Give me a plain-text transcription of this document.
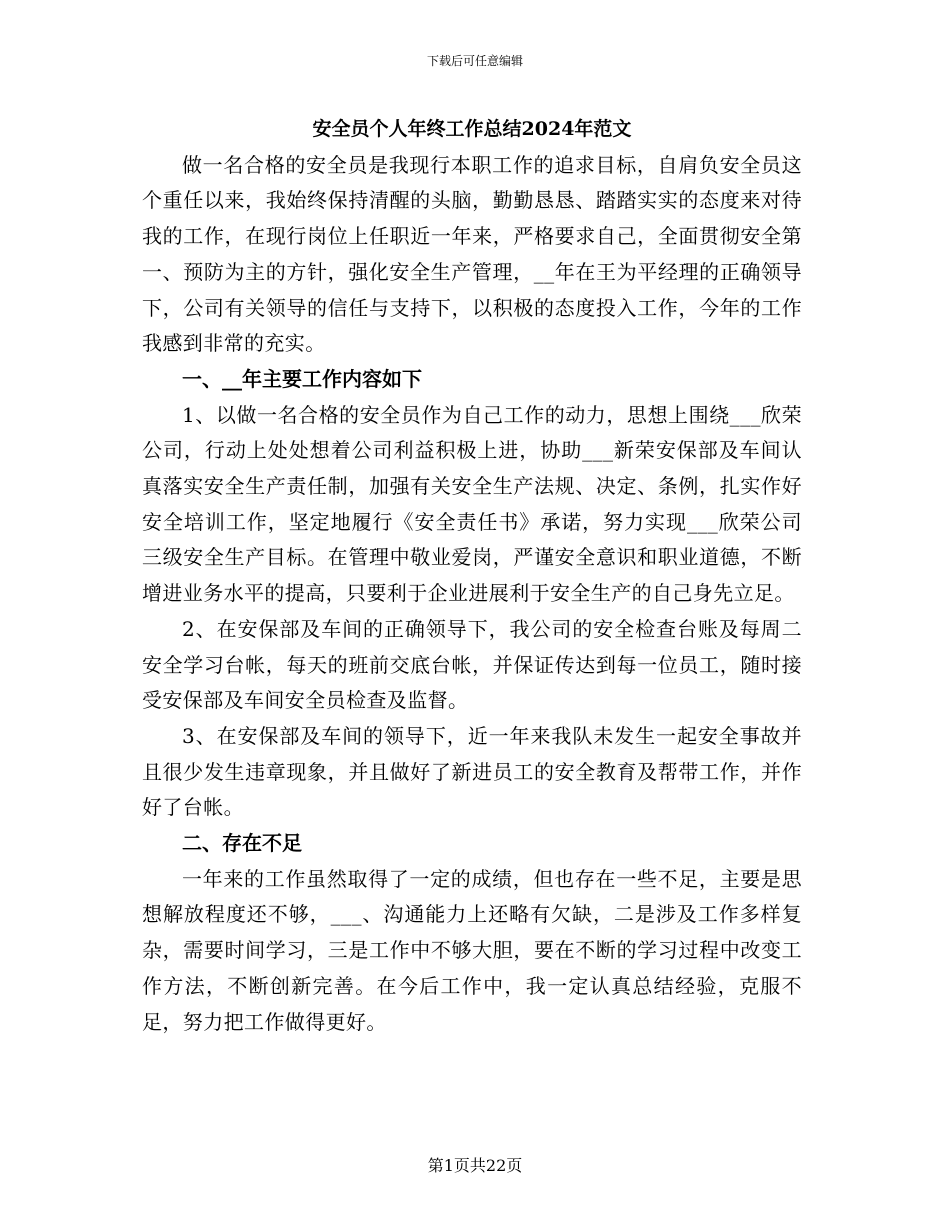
下载后可任意编辑
安全员个人年终工作总结2024年范文

做一名合格的安全员是我现行本职工作的追求目标，自肩负安全员这个重任以来，我始终保持清醒的头脑，勤勤恳恳、踏踏实实的态度来对待我的工作，在现行岗位上任职近一年来，严格要求自己，全面贯彻安全第一、预防为主的方针，强化安全生产管理，__年在王为平经理的正确领导下，公司有关领导的信任与支持下，以积极的态度投入工作，今年的工作我感到非常的充实。

一、__年主要工作内容如下

1、以做一名合格的安全员作为自己工作的动力，思想上围绕___欣荣公司，行动上处处想着公司利益积极上进，协助___新荣安保部及车间认真落实安全生产责任制，加强有关安全生产法规、决定、条例，扎实作好安全培训工作，坚定地履行《安全责任书》承诺，努力实现___欣荣公司三级安全生产目标。在管理中敬业爱岗，严谨安全意识和职业道德，不断增进业务水平的提高，只要利于企业进展利于安全生产的自己身先立足。

2、在安保部及车间的正确领导下，我公司的安全检查台账及每周二安全学习台帐，每天的班前交底台帐，并保证传达到每一位员工，随时接受安保部及车间安全员检查及监督。

3、在安保部及车间的领导下，近一年来我队未发生一起安全事故并且很少发生违章现象，并且做好了新进员工的安全教育及帮带工作，并作好了台帐。

二、存在不足

一年来的工作虽然取得了一定的成绩，但也存在一些不足，主要是思想解放程度还不够，___、沟通能力上还略有欠缺，二是涉及工作多样复杂，需要时间学习，三是工作中不够大胆，要在不断的学习过程中改变工作方法，不断创新完善。在今后工作中，我一定认真总结经验，克服不足，努力把工作做得更好。

第1页共22页
